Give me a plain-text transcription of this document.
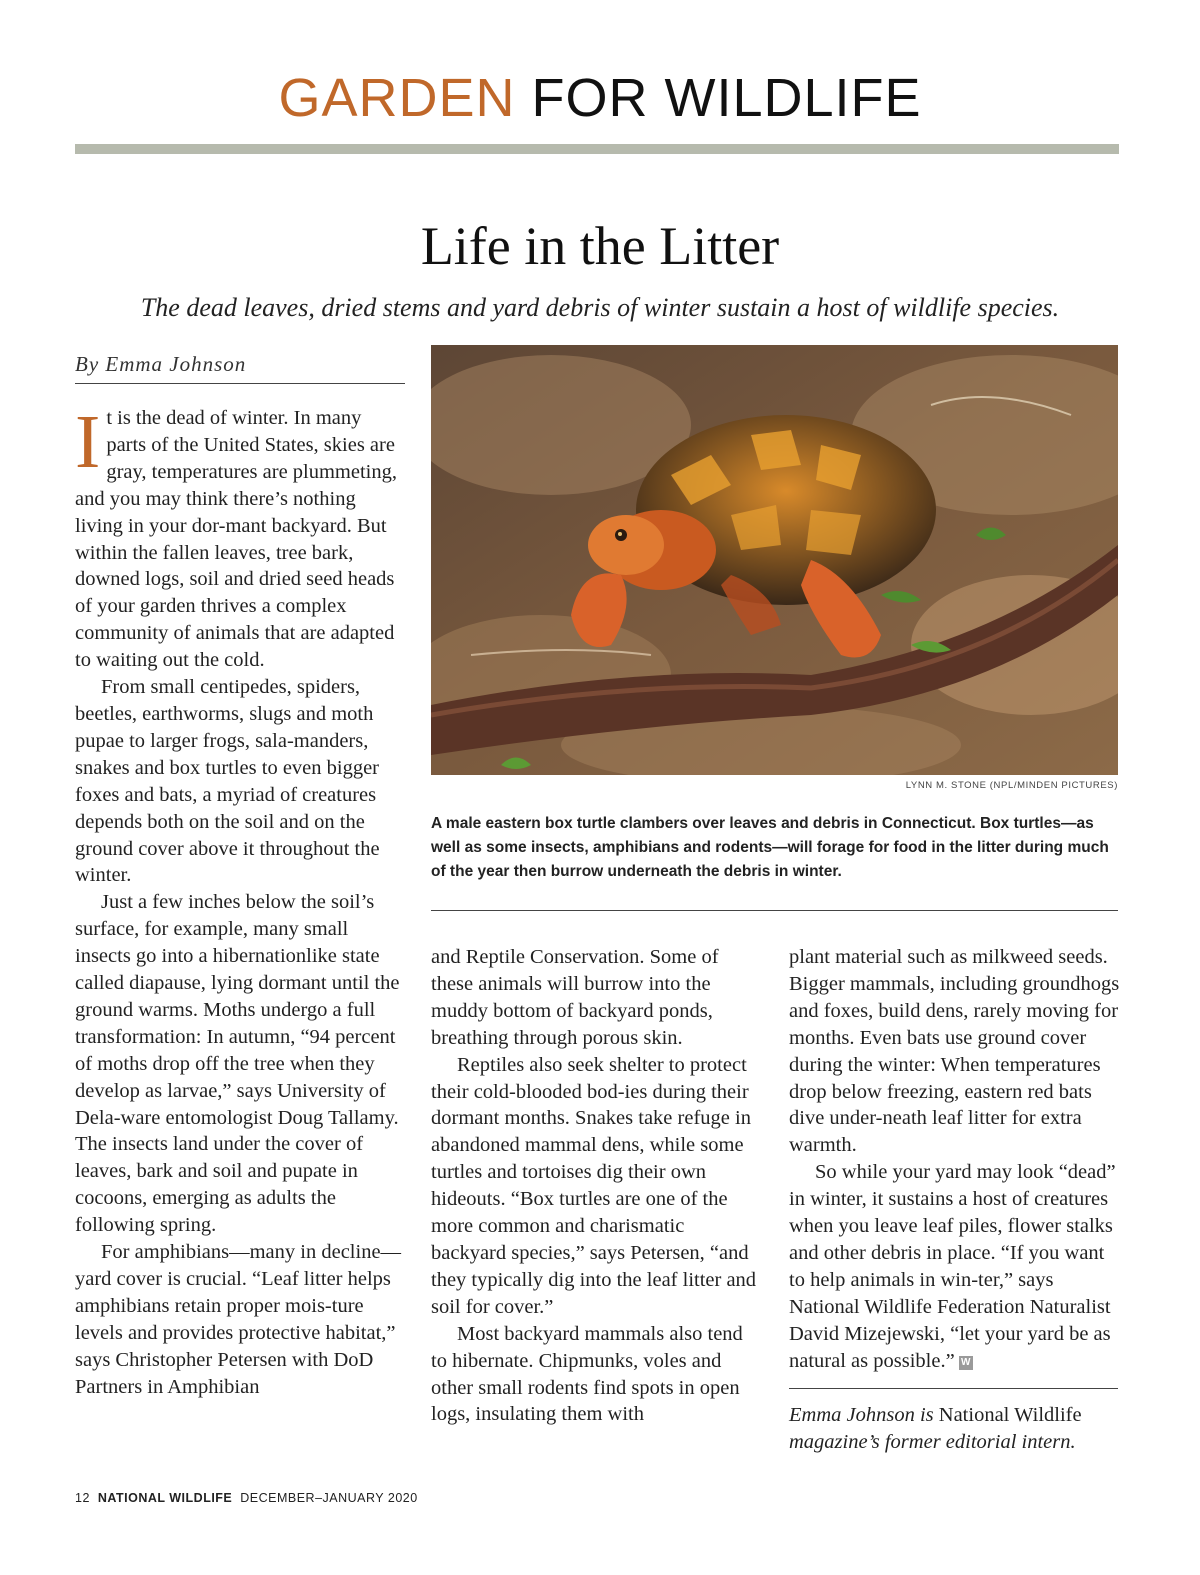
GARDEN FOR WILDLIFE
Life in the Litter
The dead leaves, dried stems and yard debris of winter sustain a host of wildlife species.
By Emma Johnson

It is the dead of winter. In many parts of the United States, skies are gray, temperatures are plummeting, and you may think there’s nothing living in your dor-mant backyard. But within the fallen leaves, tree bark, downed logs, soil and dried seed heads of your garden thrives a complex community of animals that are adapted to waiting out the cold.

From small centipedes, spiders, beetles, earthworms, slugs and moth pupae to larger frogs, sala-manders, snakes and box turtles to even bigger foxes and bats, a myriad of creatures depends both on the soil and on the ground cover above it throughout the winter.

Just a few inches below the soil’s surface, for example, many small insects go into a hibernationlike state called diapause, lying dormant until the ground warms. Moths undergo a full transformation: In autumn, “94 percent of moths drop off the tree when they develop as larvae,” says University of Dela-ware entomologist Doug Tallamy. The insects land under the cover of leaves, bark and soil and pupate in cocoons, emerging as adults the following spring.

For amphibians—many in decline—yard cover is crucial. “Leaf litter helps amphibians retain proper mois-ture levels and provides protective habitat,” says Christopher Petersen with DoD Partners in Amphibian

LYNN M. STONE (NPL/MINDEN PICTURES)
A male eastern box turtle clambers over leaves and debris in Connecticut. Box turtles—as well as some insects, amphibians and rodents—will forage for food in the litter during much of the year then burrow underneath the debris in winter.

and Reptile Conservation. Some of these animals will burrow into the muddy bottom of backyard ponds, breathing through porous skin.

Reptiles also seek shelter to protect their cold-blooded bod-ies during their dormant months. Snakes take refuge in abandoned mammal dens, while some turtles and tortoises dig their own hideouts. “Box turtles are one of the more common and charismatic backyard species,” says Petersen, “and they typically dig into the leaf litter and soil for cover.”

Most backyard mammals also tend to hibernate. Chipmunks, voles and other small rodents find spots in open logs, insulating them with

plant material such as milkweed seeds. Bigger mammals, including groundhogs and foxes, build dens, rarely moving for months. Even bats use ground cover during the winter: When temperatures drop below freezing, eastern red bats dive under-neath leaf litter for extra warmth.

So while your yard may look “dead” in winter, it sustains a host of creatures when you leave leaf piles, flower stalks and other debris in place. “If you want to help animals in win-ter,” says National Wildlife Federation Naturalist David Mizejewski, “let your yard be as natural as possible.” W

Emma Johnson is National Wildlife magazine’s former editorial intern.
12 NATIONAL WILDLIFE DECEMBER–JANUARY 2020
